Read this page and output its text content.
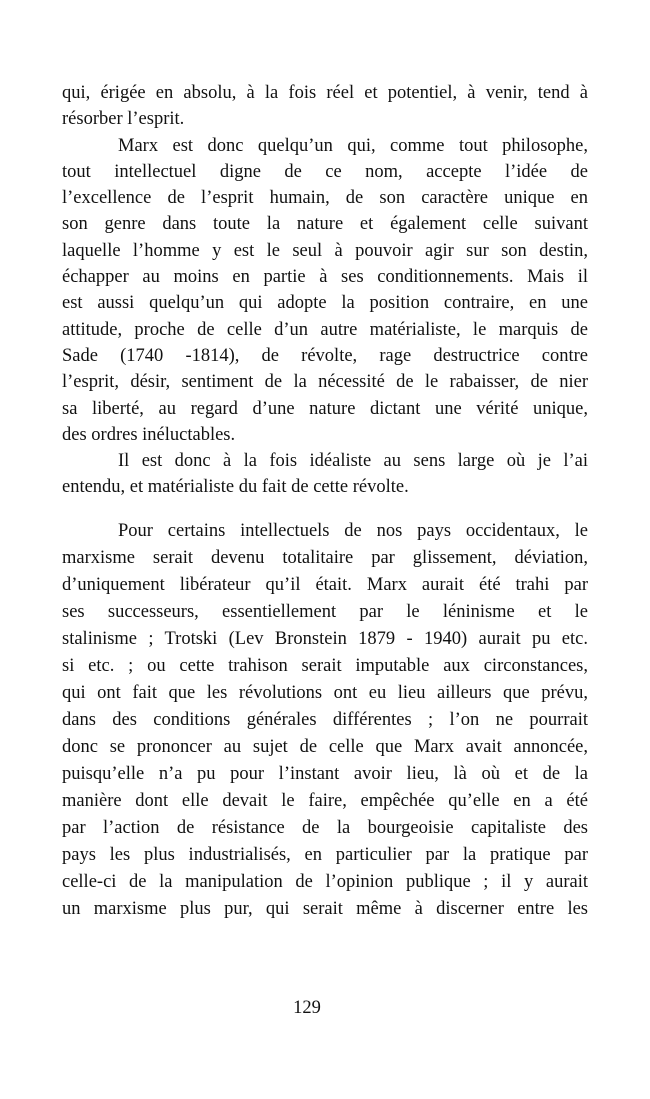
qui, érigée en absolu, à la fois réel et potentiel, à venir, tend à
résorber l’esprit.
Marx est donc quelqu’un qui, comme tout philosophe,
tout intellectuel digne de ce nom, accepte l’idée de
l’excellence de l’esprit humain, de son caractère unique en
son genre dans toute la nature et également celle suivant
laquelle l’homme y est le seul à pouvoir agir sur son destin,
échapper au moins en partie à ses conditionnements. Mais il
est aussi quelqu’un qui adopte la position contraire, en une
attitude, proche de celle d’un autre matérialiste, le marquis de
Sade (1740 -1814), de révolte, rage destructrice contre
l’esprit, désir, sentiment de la nécessité de le rabaisser, de nier
sa liberté, au regard d’une nature dictant une vérité unique,
des ordres inéluctables.
Il est donc à la fois idéaliste au sens large où je l’ai
entendu, et matérialiste du fait de cette révolte.
Pour certains intellectuels de nos pays occidentaux, le
marxisme serait devenu totalitaire par glissement, déviation,
d’uniquement libérateur qu’il était. Marx aurait été trahi par
ses successeurs, essentiellement par le léninisme et le
stalinisme ; Trotski (Lev Bronstein 1879 - 1940) aurait pu etc.
si etc. ; ou cette trahison serait imputable aux circonstances,
qui ont fait que les révolutions ont eu lieu ailleurs que prévu,
dans des conditions générales différentes ; l’on ne pourrait
donc se prononcer au sujet de celle que Marx avait annoncée,
puisqu’elle n’a pu pour l’instant avoir lieu, là où et de la
manière dont elle devait le faire, empêchée qu’elle en a été
par l’action de résistance de la bourgeoisie capitaliste des
pays les plus industrialisés, en particulier par la pratique par
celle-ci de la manipulation de l’opinion publique ; il y aurait
un marxisme plus pur, qui serait même à discerner entre les
129
